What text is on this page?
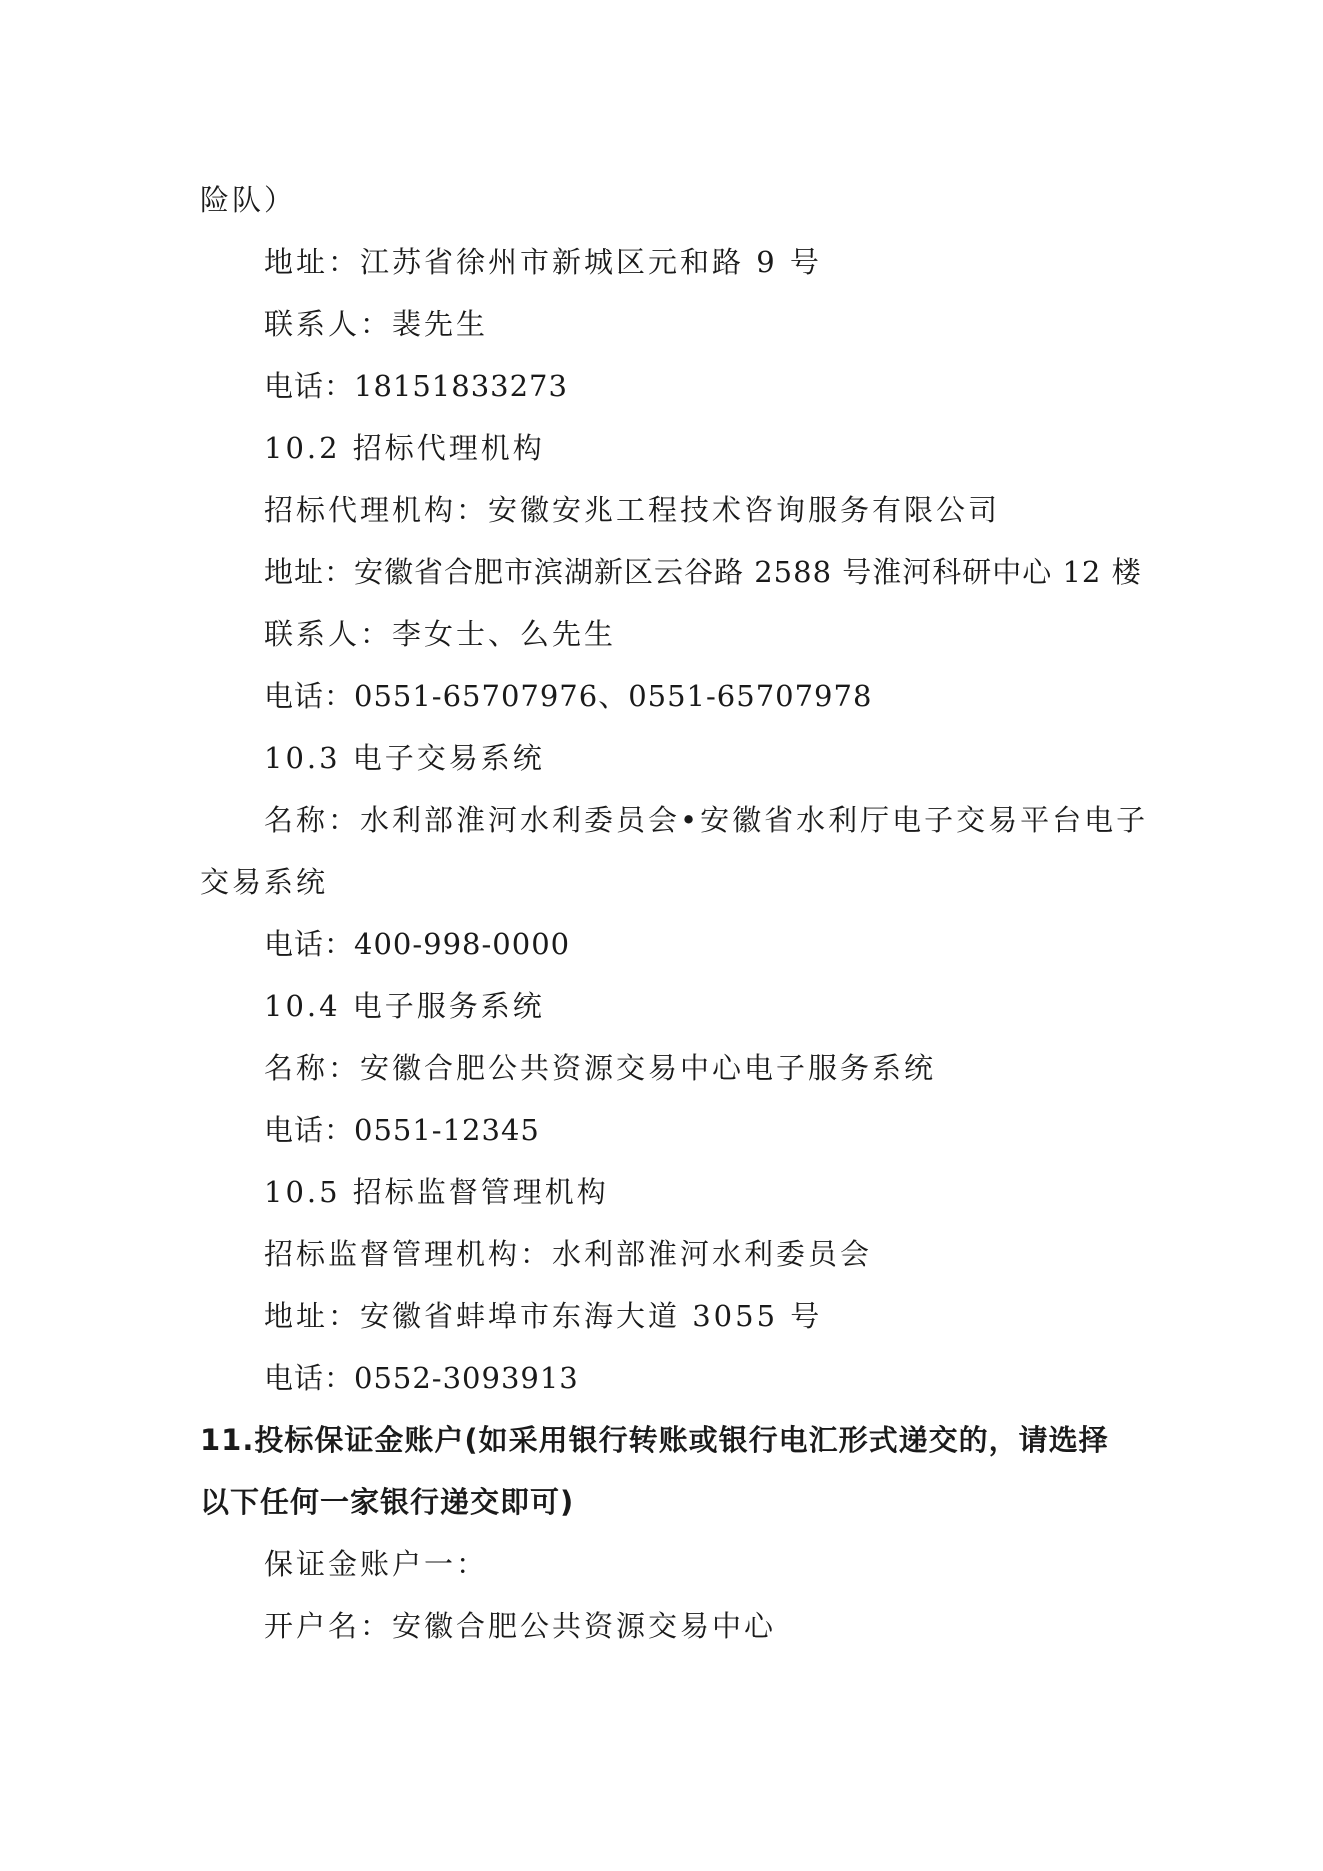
险队）
地址：江苏省徐州市新城区元和路 9 号
联系人：裴先生
电话：18151833273
10.2 招标代理机构
招标代理机构：安徽安兆工程技术咨询服务有限公司
地址：安徽省合肥市滨湖新区云谷路 2588 号淮河科研中心 12 楼
联系人：李女士、么先生
电话：0551-65707976、0551-65707978
10.3 电子交易系统
名称：水利部淮河水利委员会•安徽省水利厅电子交易平台电子
交易系统
电话：400-998-0000
10.4 电子服务系统
名称：安徽合肥公共资源交易中心电子服务系统
电话：0551-12345
10.5 招标监督管理机构
招标监督管理机构：水利部淮河水利委员会
地址：安徽省蚌埠市东海大道 3055 号
电话：0552-3093913
11.投标保证金账户(如采用银行转账或银行电汇形式递交的，请选择
以下任何一家银行递交即可)
保证金账户一：
开户名：安徽合肥公共资源交易中心
